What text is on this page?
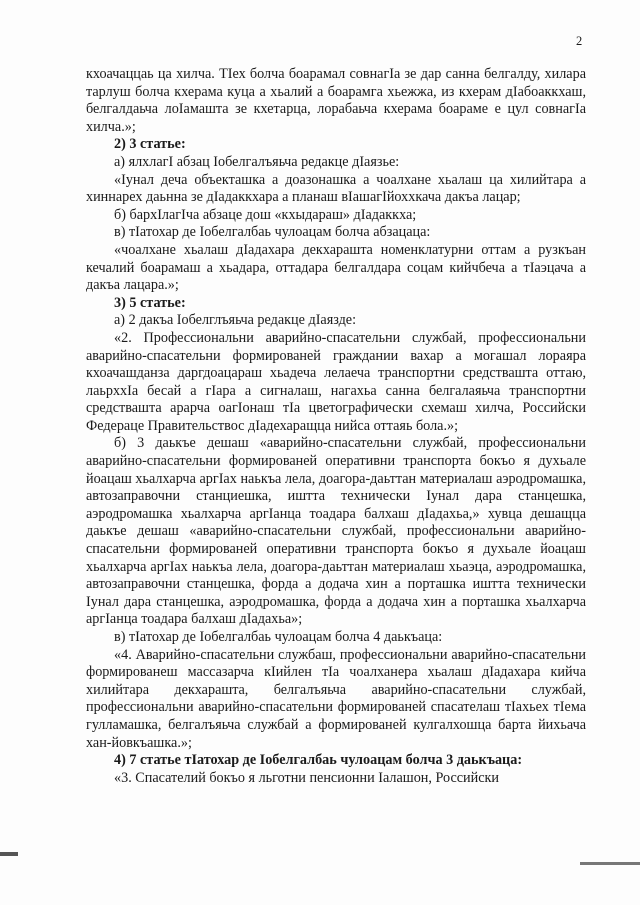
2

кхоачаццаь ца хилча. ТІех болча боарамал совнагІа зе дар санна белгалду, хилара тарлуш болча кхерама куца а хьалий а боарамга хьежжа, из кхерам дІабоаккхаш, белгалдаьча лоІамашта зе кхетарца, лорабаьча кхерама боараме е цул совнагІа хилча.»;

2) 3 статье:

а) ялхлагІ абзац Іобелгалъяьча редакце дІаязье:

«Іунал деча объекташка а доазонашка а чоалхане хьалаш ца хилийтара а хиннарех даьнна зе дІадаккхара а планаш вІашагІйоххкача дакъа лацар;

б) бархІлагІча абзаце дош «кхыдараш» дІадаккха;

в) тІатохар де Іобелгалбаь чулоацам болча абзацаца:

«чоалхане хьалаш дІадахара декхараштa номенклатурни оттам а рузкъан кечалий боарамаш а хьадара, оттадара белгалдара соцам кийчбеча а тІаэцача а дакъа лацара.»;

3) 5 статье:

а) 2 дакъа Іобелглъяьча редакце дІаязде:

«2. Профессиональни аварийно-спасательни службай, профессиональни аварийно-спасательни формированей граждании вахар а могашал лораяра кхоачашданза даргдоацараш хьадеча лелаеча транспортни средствашта оттаю, лаьрххІа бесай а гІара а сигналаш, нагахьа санна белгалаяьча транспортни средствашта арарча оагІонаш тІа цветографически схемаш хилча, Российски Федераце Правительствос дІадехаращца нийса оттаяь бола.»;

б) 3 даькъе дешаш «аварийно-спасательни службай, профессиональни аварийно-спасательни формированей оперативни транспорта бокъо я духьале йоацаш хьалхарча аргІах наькъа лела, доагора-даьттан материалаш аэродромашка, автозаправочни станциешка, иштта технически Іунал дара станцешка, аэродромашка хьалхарча аргІанца тоадара балхаш дІадахьа,» хувца дешащца даькъе дешаш «аварийно-спасательни службай, профессиональни аварийно-спасательни формированей оперативни транспорта бокъо я духьале йоацаш хьалхарча аргІах наькъа лела, доагора-даьттан материалаш хьаэца, аэродромашка, автозаправочни станцешка, форда а додача хин а порташка иштта технически Іунал дара станцешка, аэродромашка, форда а додача хин а порташка хьалхарча аргІанца тоадара балхаш дІадахьа»;

в) тІатохар де Іобелгалбаь чулоацам болча 4 даькъаца:

«4. Аварийно-спасательни службаш, профессиональни аварийно-спасательни формированеш массазарча кІийлен тІа чоалханера хьалаш дІадахара кийча хилийтара декхараштa, белгалъяьча аварийно-спасательни службай, профессиональни аварийно-спасательни формированей спасателаш тІахьех тІема гулламашка, белгалъяьча службай а формированей кулгалхошца барта йихьача хан-йовкъашка.»;

4) 7 статье тІатохар де Іобелгалбаь чулоацам болча 3 даькъаца:

«3. Спасателий бокъо я льготни пенсионни Іалашон, Российски
